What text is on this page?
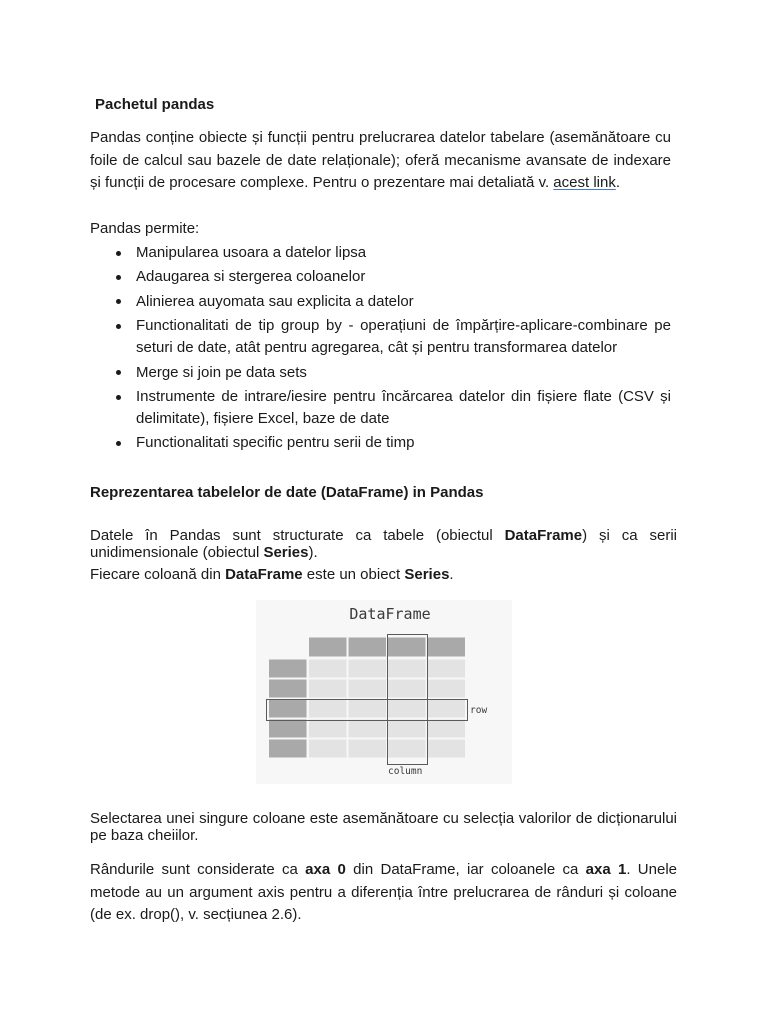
Pachetul pandas
Pandas conține obiecte și funcții pentru prelucrarea datelor tabelare (asemănătoare cu
foile de calcul sau bazele de date relaționale); oferă mecanisme avansate de indexare
și funcții de procesare complexe. Pentru o prezentare mai detaliată v. acest link.
Pandas permite:
Manipularea usoara a datelor lipsa
Adaugarea si stergerea coloanelor
Alinierea auyomata sau explicita a datelor
Functionalitati de tip group by - operațiuni de împărțire-aplicare-combinare pe
seturi de date, atât pentru agregarea, cât și pentru transformarea datelor
Merge si join pe data sets
Instrumente de intrare/iesire pentru încărcarea datelor din fișiere flate (CSV și
delimitate), fișiere Excel, baze de date
Functionalitati specific pentru serii de timp
Reprezentarea tabelelor de date (DataFrame) in Pandas
Datele în Pandas sunt structurate ca tabele (obiectul DataFrame) și ca serii
unidimensionale (obiectul Series).
Fiecare coloană din DataFrame este un obiect Series.
DataFrame
row
column
Selectarea unei singure coloane este asemănătoare cu selecția valorilor de dicționarului
pe baza cheiilor.
Rândurile sunt considerate ca axa 0 din DataFrame, iar coloanele ca axa 1. Unele
metode au un argument axis pentru a diferenția între prelucrarea de rânduri și coloane
(de ex. drop(), v. secțiunea 2.6).
